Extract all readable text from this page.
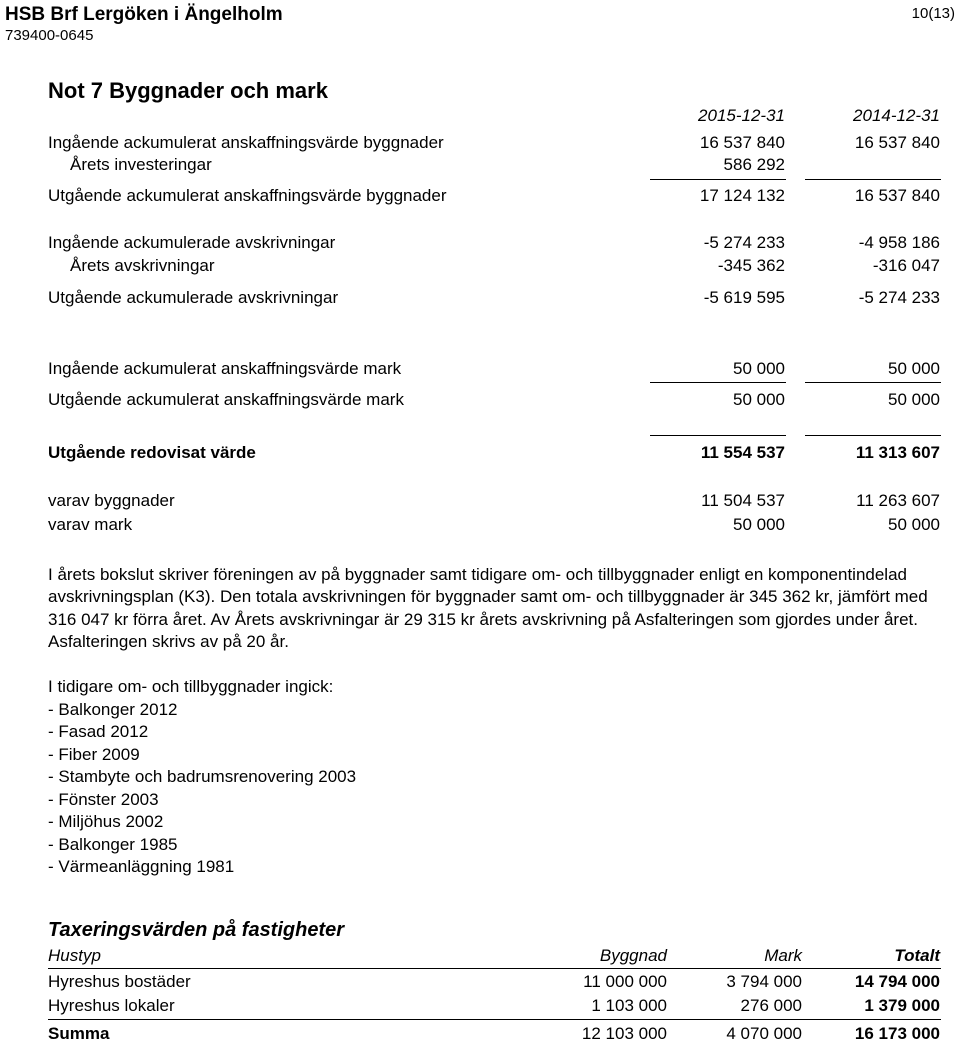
HSB Brf Lergöken i Ängelholm
739400-0645
10(13)
Not 7 Byggnader och mark
2015-12-31	2014-12-31
Ingående ackumulerat anskaffningsvärde byggnader	16 537 840	16 537 840
Årets investeringar	586 292
Utgående ackumulerat anskaffningsvärde byggnader	17 124 132	16 537 840
Ingående ackumulerade avskrivningar	-5 274 233	-4 958 186
Årets avskrivningar	-345 362	-316 047
Utgående ackumulerade avskrivningar	-5 619 595	-5 274 233
Ingående ackumulerat anskaffningsvärde mark	50 000	50 000
Utgående ackumulerat anskaffningsvärde mark	50 000	50 000
Utgående redovisat värde	11 554 537	11 313 607
varav byggnader	11 504 537	11 263 607
varav mark	50 000	50 000
I årets bokslut skriver föreningen av på byggnader samt tidigare om- och tillbyggnader enligt en komponentindelad avskrivningsplan (K3). Den totala avskrivningen för byggnader samt om- och tillbyggnader är 345 362 kr, jämfört med 316 047 kr förra året. Av Årets avskrivningar är 29 315 kr årets avskrivning på Asfalteringen som gjordes under året. Asfalteringen skrivs av på 20 år.
I tidigare om- och tillbyggnader ingick:
- Balkonger 2012
- Fasad 2012
- Fiber 2009
- Stambyte och badrumsrenovering 2003
- Fönster 2003
- Miljöhus 2002
- Balkonger 1985
- Värmeanläggning 1981
Taxeringsvärden på fastigheter
Hustyp	Byggnad	Mark	Totalt
Hyreshus bostäder	11 000 000	3 794 000	14 794 000
Hyreshus lokaler	1 103 000	276 000	1 379 000
Summa	12 103 000	4 070 000	16 173 000
